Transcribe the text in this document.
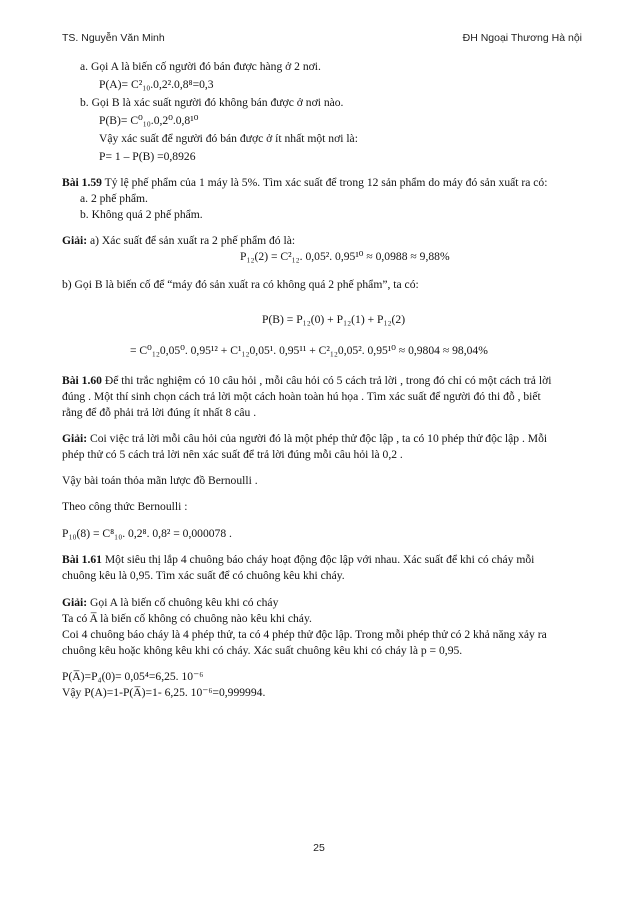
TS. Nguyễn Văn Minh	ĐH Ngoại Thương Hà nội
a. Gọi A là biến cố người đó bán được hàng ở 2 nơi.
P(A)= C²₁₀.0,2².0,8⁸=0,3
b. Gọi B là xác suất người đó không bán được ở nơi nào.
P(B)= C⁰₁₀.0,2⁰.0,8¹⁰
Vậy xác suất để người đó bán được ở ít nhất một nơi là:
P= 1 – P(B) =0,8926
Bài 1.59 Tỷ lệ phế phẩm của 1 máy là 5%. Tìm xác suất để trong 12 sản phẩm do máy đó sản xuất ra có:
a. 2 phế phẩm.
b. Không quá 2 phế phẩm.
Giải: a) Xác suất để sản xuất ra 2 phế phẩm đó là:
P₁₂(2) = C²₁₂. 0,05². 0,95¹⁰ ≈ 0,0988 ≈ 9,88%
b) Gọi B là biến cố để “máy đó sản xuất ra có không quá 2 phế phẩm”, ta có:
P(B) = P₁₂(0) + P₁₂(1) + P₁₂(2)
= C⁰₁₂0,05⁰. 0,95¹² + C¹₁₂0,05¹. 0,95¹¹ + C²₁₂0,05². 0,95¹⁰ ≈ 0,9804 ≈ 98,04%
Bài 1.60 Để thi trắc nghiệm có 10 câu hỏi , mỗi câu hỏi có 5 cách trả lời , trong đó chỉ có một cách trả lời
đúng . Một thí sinh chọn cách trả lời một cách hoàn toàn hú họa . Tìm xác suất để người đó thi đỗ , biết
rằng để đỗ phải trả lời đúng ít nhất 8 câu .
Giải: Coi việc trả lời mỗi câu hỏi của người đó là một phép thử độc lập , ta có 10 phép thử độc lập . Mỗi
phép thử có 5 cách trả lời nên xác suất để trả lời đúng mỗi câu hỏi là 0,2 .
Vậy bài toán thỏa mãn lược đồ Bernoulli .
Theo công thức Bernoulli :
P₁₀(8) = C⁸₁₀. 0,2⁸. 0,8² = 0,000078 .
Bài 1.61 Một siêu thị lắp 4 chuông báo cháy hoạt động độc lập với nhau. Xác suất để khi có cháy mỗi
chuông kêu là 0,95. Tìm xác suất để có chuông kêu khi cháy.
Giải: Gọi A là biến cố chuông kêu khi có cháy
Ta có A̅ là biến cố không có chuông nào kêu khi cháy.
Coi 4 chuông báo cháy là 4 phép thử, ta có 4 phép thử độc lập. Trong mỗi phép thử có 2 khả năng xảy ra
chuông kêu hoặc không kêu khi có cháy. Xác suất chuông kêu khi có cháy là p = 0,95.
P(A̅)=P₄(0)= 0,05⁴=6,25. 10⁻⁶
Vậy P(A)=1-P(A̅)=1- 6,25. 10⁻⁶=0,999994.
25
